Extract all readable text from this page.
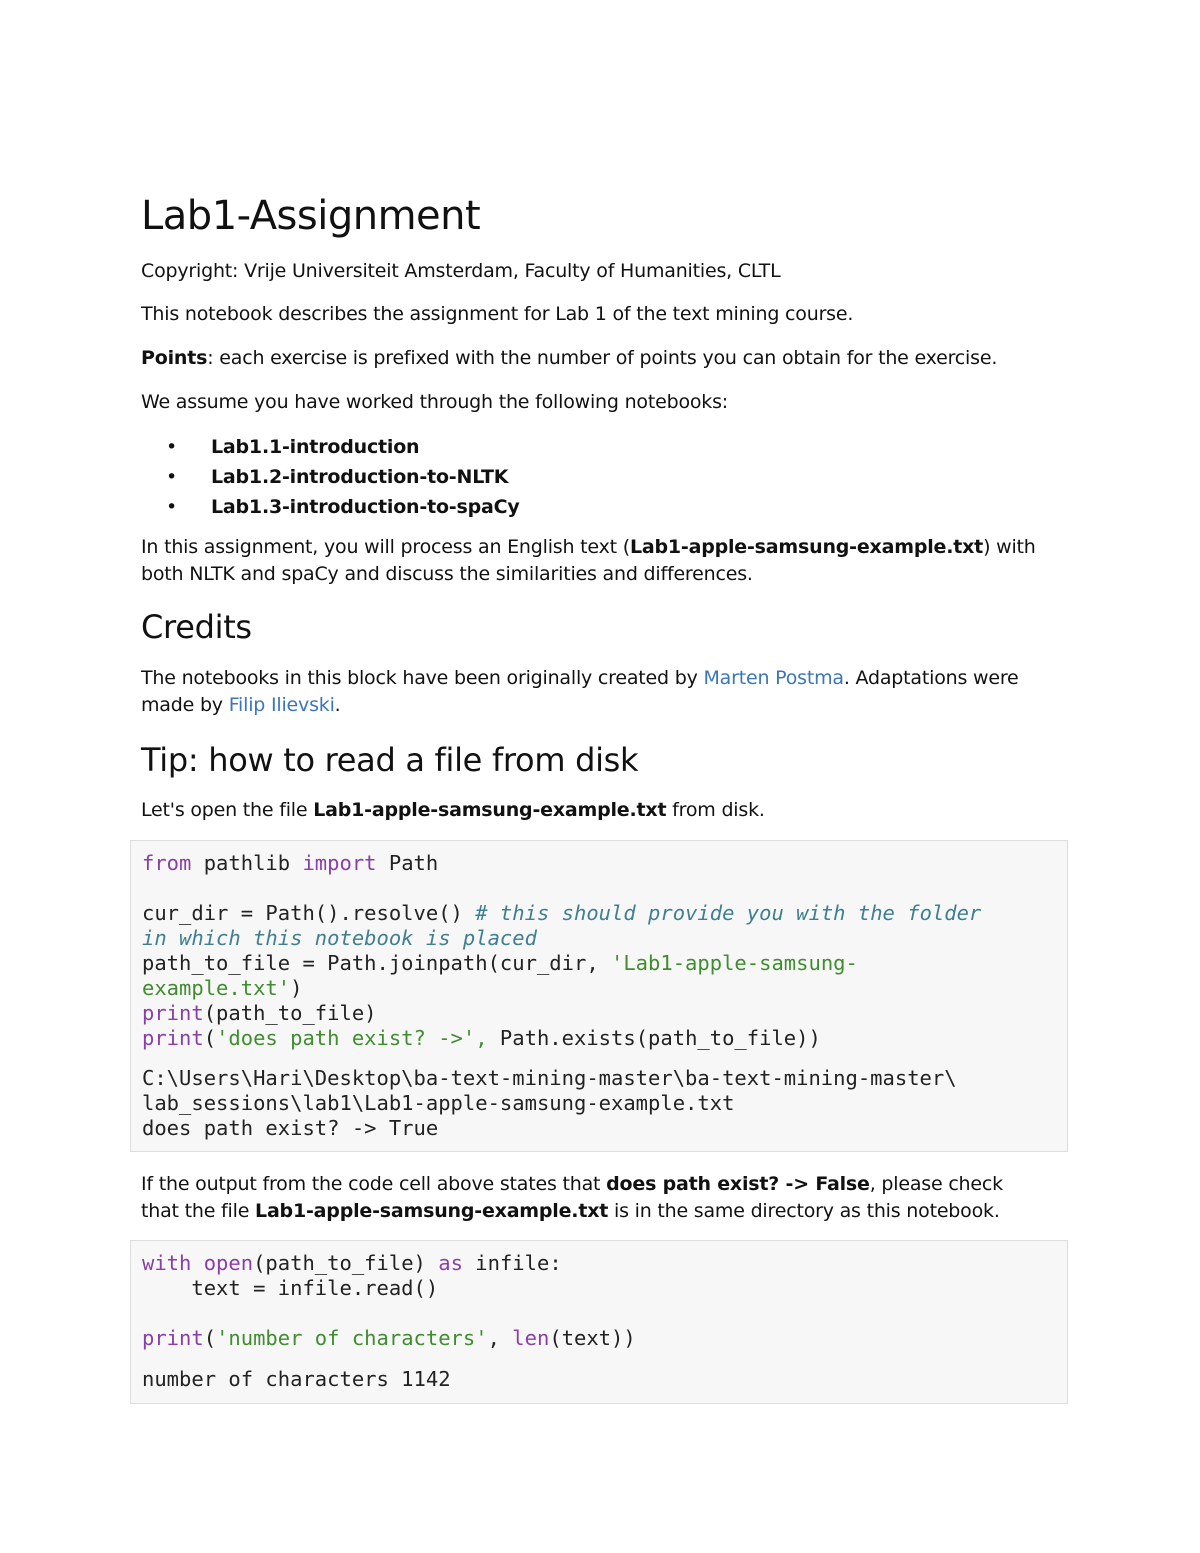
Lab1-Assignment

Copyright: Vrije Universiteit Amsterdam, Faculty of Humanities, CLTL

This notebook describes the assignment for Lab 1 of the text mining course.

Points: each exercise is prefixed with the number of points you can obtain for the exercise.

We assume you have worked through the following notebooks:

• Lab1.1-introduction
• Lab1.2-introduction-to-NLTK
• Lab1.3-introduction-to-spaCy

In this assignment, you will process an English text (Lab1-apple-samsung-example.txt) with both NLTK and spaCy and discuss the similarities and differences.

Credits

The notebooks in this block have been originally created by Marten Postma. Adaptations were made by Filip Ilievski.

Tip: how to read a file from disk

Let's open the file Lab1-apple-samsung-example.txt from disk.

from pathlib import Path

cur_dir = Path().resolve() # this should provide you with the folder
in which this notebook is placed
path_to_file = Path.joinpath(cur_dir, 'Lab1-apple-samsung-
example.txt')
print(path_to_file)
print('does path exist? ->', Path.exists(path_to_file))
C:\Users\Hari\Desktop\ba-text-mining-master\ba-text-mining-master\
lab_sessions\lab1\Lab1-apple-samsung-example.txt
does path exist? -> True

If the output from the code cell above states that does path exist? -> False, please check that the file Lab1-apple-samsung-example.txt is in the same directory as this notebook.

with open(path_to_file) as infile:
text = infile.read()

print('number of characters', len(text))
number of characters 1142
